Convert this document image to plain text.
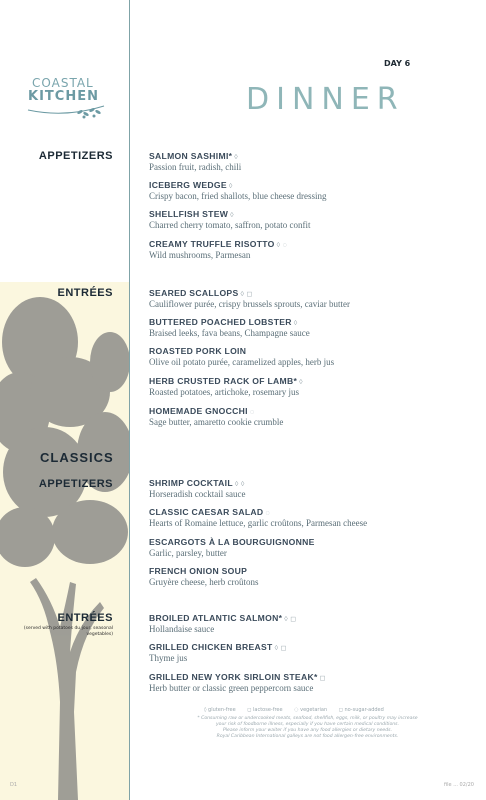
COASTAL
KITCHEN
DAY 6
DINNER
APPETIZERS
ENTRÉES
CLASSICS
APPETIZERS
ENTRÉES
(served with potatoes du jour, seasonal vegetables)
SALMON SASHIMI* ◊
Passion fruit, radish, chili
ICEBERG WEDGE ◊
Crispy bacon, fried shallots, blue cheese dressing
SHELLFISH STEW ◊
Charred cherry tomato, saffron, potato confit
CREAMY TRUFFLE RISOTTO ◊ ◌
Wild mushrooms, Parmesan
SEARED SCALLOPS ◊ ◻
Cauliflower purée, crispy brussels sprouts, caviar butter
BUTTERED POACHED LOBSTER ◊
Braised leeks, fava beans, Champagne sauce
ROASTED PORK LOIN
Olive oil potato purée, caramelized apples, herb jus
HERB CRUSTED RACK OF LAMB* ◊
Roasted potatoes, artichoke, rosemary jus
HOMEMADE GNOCCHI ◌
Sage butter, amaretto cookie crumble
SHRIMP COCKTAIL ◊ ◊
Horseradish cocktail sauce
CLASSIC CAESAR SALAD ◌
Hearts of Romaine lettuce, garlic croûtons, Parmesan cheese
ESCARGOTS À LA BOURGUIGNONNE
Garlic, parsley, butter
FRENCH ONION SOUP
Gruyère cheese, herb croûtons
BROILED ATLANTIC SALMON* ◊ ◻
Hollandaise sauce
GRILLED CHICKEN BREAST ◊ ◻
Thyme jus
GRILLED NEW YORK SIRLOIN STEAK* ◻
Herb butter or classic green peppercorn sauce
◊ gluten-free ◻ lactose-free ◌ vegetarian ◻ no-sugar-added
* Consuming raw or undercooked meats, seafood, shellfish, eggs, milk, or poultry may increase
your risk of foodborne illness, especially if you have certain medical conditions.
Please inform your waiter if you have any food allergies or dietary needs.
Royal Caribbean International galleys are not food allergen-free environments.
D1	file ... 02/20
